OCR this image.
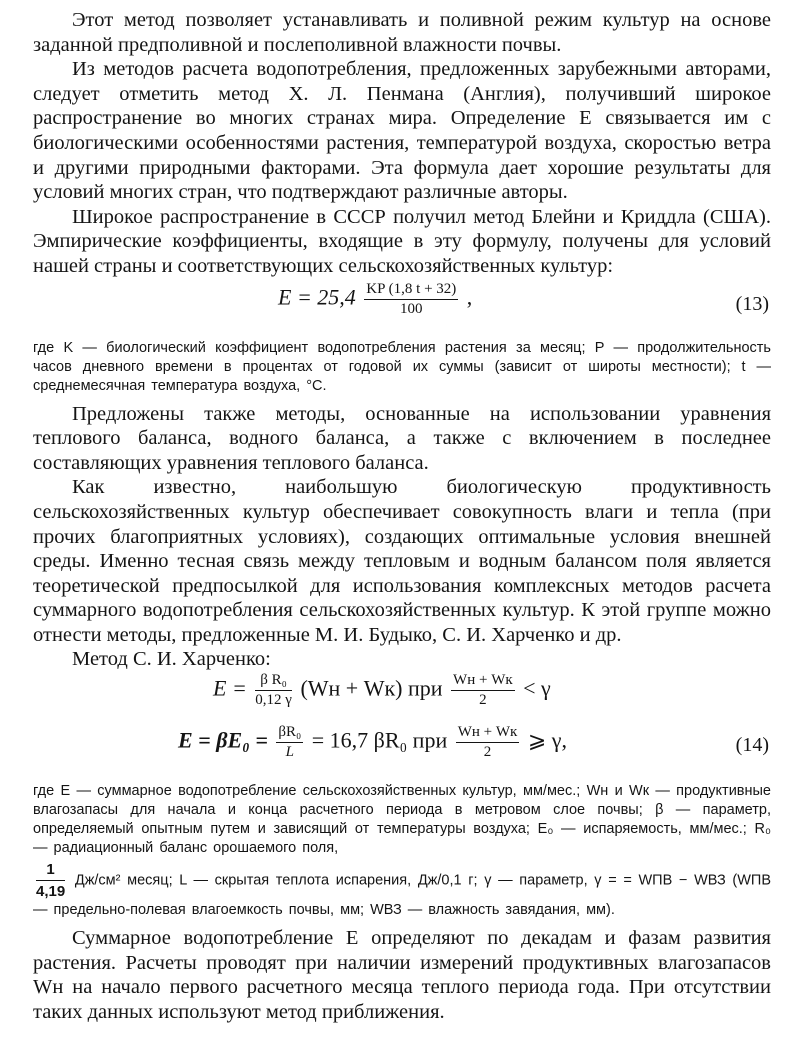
Этот метод позволяет устанавливать и поливной режим культур на основе заданной предполивной и послеполивной влажности почвы.

Из методов расчета водопотребления, предложенных зарубежными авторами, следует отметить метод Х. Л. Пенмана (Англия), получивший широкое распространение во многих странах мира. Определение E связывается им с биологическими особенностями растения, температурой воздуха, скоростью ветра и другими природными факторами. Эта формула дает хорошие результаты для условий многих стран, что подтверждают различные авторы.

Широкое распространение в СССР получил метод Блейни и Криддла (США). Эмпирические коэффициенты, входящие в эту формулу, получены для условий нашей страны и соответствующих сельскохозяйственных культур:

$E = 25,4 \frac{KP (1,8 t + 32)}{100}$ ,	(13)

где K — биологический коэффициент водопотребления растения за месяц; P — продолжительность часов дневного времени в процентах от годовой их суммы (зависит от широты местности); t — среднемесячная температура воздуха, °С.

Предложены также методы, основанные на использовании уравнения теплового баланса, водного баланса, а также с включением в последнее составляющих уравнения теплового баланса.

Как известно, наибольшую биологическую продуктивность сельскохозяйственных культур обеспечивает совокупность влаги и тепла (при прочих благоприятных условиях), создающих оптимальные условия внешней среды. Именно тесная связь между тепловым и водным балансом поля является теоретической предпосылкой для использования комплексных методов расчета суммарного водопотребления сельскохозяйственных культур. К этой группе можно отнести методы, предложенные М. И. Будыко, С. И. Харченко и др.

Метод С. И. Харченко:

$E = \frac{\text{β R₀}}{0,12 \gamma} (Wн + Wк)$ при $\frac{Wн + Wк}{2} < \gamma$
$E = \beta E_0 = \frac{\text{βR₀}}{L} = 16,7$ βR₀ при $\frac{Wн + Wк}{2}$ ⩾ γ,	(14)

где E — суммарное водопотребление сельскохозяйственных культур, мм/мес.; Wн и Wк — продуктивные влагозапасы для начала и конца расчетного периода в метровом слое почвы; β — параметр, определяемый опытным путем и зависящий от температуры воздуха; E₀ — испаряемость, мм/мес.; R₀ — радиационный баланс орошаемого поля,

$\frac{1}{4,19} Дж/см^2$ месяц; L — скрытая теплота испарения, Дж/0,1 г; γ — параметр, γ = = WПВ − WВЗ (WПВ — предельно-полевая влагоемкость почвы, мм; WВЗ — влажность завядания, мм).

Суммарное водопотребление E определяют по декадам и фазам развития растения. Расчеты проводят при наличии измерений продуктивных влагозапасов Wн на начало первого расчетного месяца теплого периода года. При отсутствии таких данных используют метод приближения.
